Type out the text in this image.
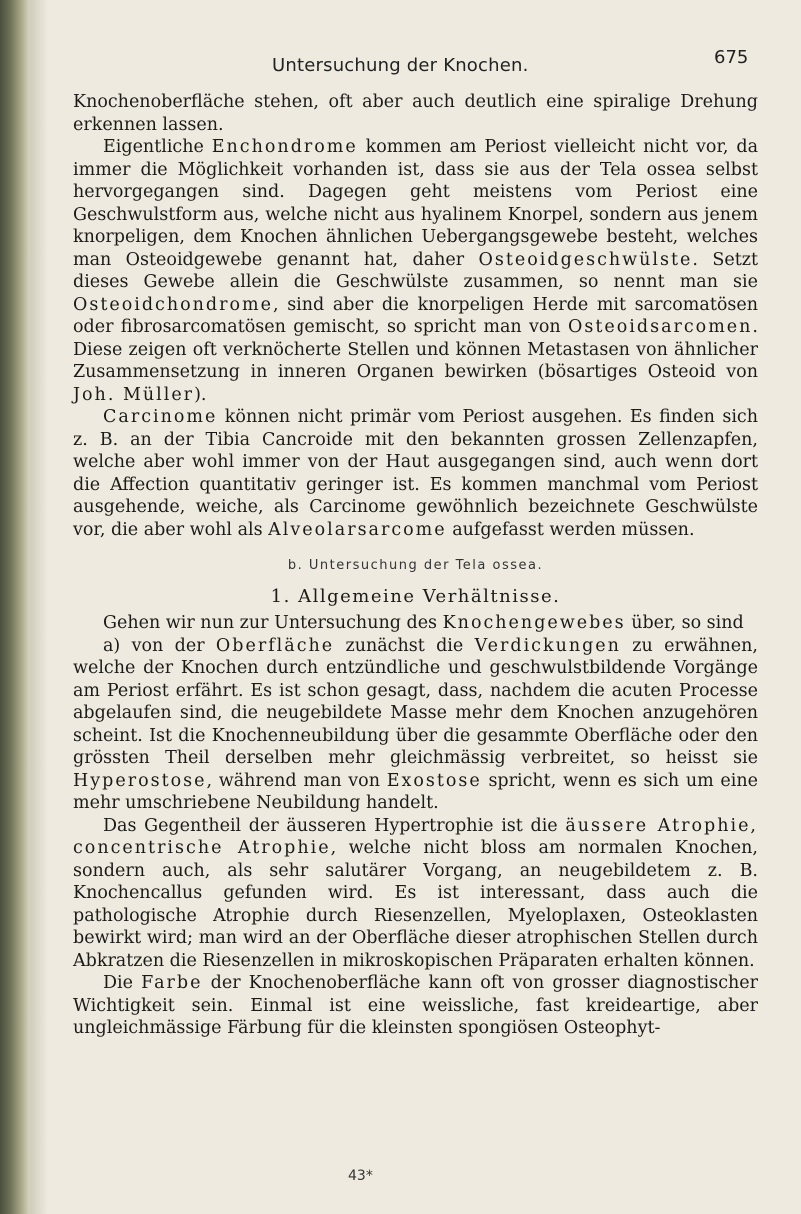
Untersuchung der Knochen.	675

Knochenoberfläche stehen, oft aber auch deutlich eine spiralige Drehung erkennen lassen.

Eigentliche Enchondrome kommen am Periost vielleicht nicht vor, da immer die Möglichkeit vorhanden ist, dass sie aus der Tela ossea selbst hervorgegangen sind. Dagegen geht meistens vom Periost eine Geschwulstform aus, welche nicht aus hyalinem Knorpel, sondern aus jenem knorpeligen, dem Knochen ähnlichen Uebergangsgewebe besteht, welches man Osteoidgewebe genannt hat, daher Osteoidgeschwülste. Setzt dieses Gewebe allein die Geschwülste zusammen, so nennt man sie Osteoidchondrome, sind aber die knorpeligen Herde mit sarcomatösen oder fibrosarcomatösen gemischt, so spricht man von Osteoidsarcomen. Diese zeigen oft verknöcherte Stellen und können Metastasen von ähnlicher Zusammensetzung in inneren Organen bewirken (bösartiges Osteoid von Joh. Müller).

Carcinome können nicht primär vom Periost ausgehen. Es finden sich z. B. an der Tibia Cancroide mit den bekannten grossen Zellenzapfen, welche aber wohl immer von der Haut ausgegangen sind, auch wenn dort die Affection quantitativ geringer ist. Es kommen manchmal vom Periost ausgehende, weiche, als Carcinome gewöhnlich bezeichnete Geschwülste vor, die aber wohl als Alveolarsarcome aufgefasst werden müssen.

b. Untersuchung der Tela ossea.
1. Allgemeine Verhältnisse.

Gehen wir nun zur Untersuchung des Knochengewebes über, so sind

a) von der Oberfläche zunächst die Verdickungen zu erwähnen, welche der Knochen durch entzündliche und geschwulstbildende Vorgänge am Periost erfährt. Es ist schon gesagt, dass, nachdem die acuten Processe abgelaufen sind, die neugebildete Masse mehr dem Knochen anzugehören scheint. Ist die Knochenneubildung über die gesammte Oberfläche oder den grössten Theil derselben mehr gleichmässig verbreitet, so heisst sie Hyperostose, während man von Exostose spricht, wenn es sich um eine mehr umschriebene Neubildung handelt.

Das Gegentheil der äusseren Hypertrophie ist die äussere Atrophie, concentrische Atrophie, welche nicht bloss am normalen Knochen, sondern auch, als sehr salutärer Vorgang, an neugebildetem z. B. Knochencallus gefunden wird. Es ist interessant, dass auch die pathologische Atrophie durch Riesenzellen, Myeloplaxen, Osteoklasten bewirkt wird; man wird an der Oberfläche dieser atrophischen Stellen durch Abkratzen die Riesenzellen in mikroskopischen Präparaten erhalten können.

Die Farbe der Knochenoberfläche kann oft von grosser diagnostischer Wichtigkeit sein. Einmal ist eine weissliche, fast kreideartige, aber ungleichmässige Färbung für die kleinsten spongiösen Osteophyt-

43*
